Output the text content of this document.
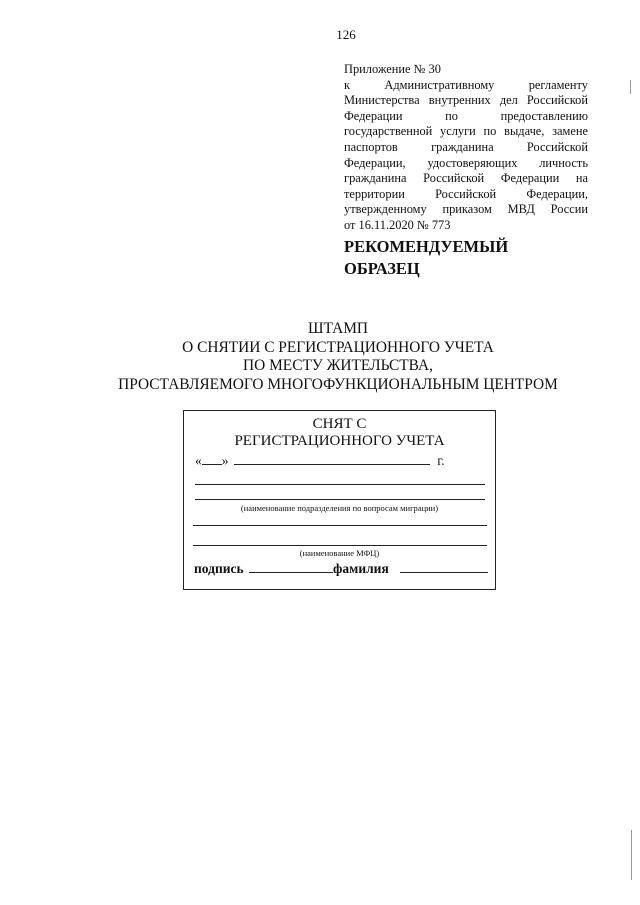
126
Приложение № 30
к Административному регламенту
Министерства внутренних дел Российской
Федерации по предоставлению
государственной услуги по выдаче, замене
паспортов гражданина Российской
Федерации, удостоверяющих личность
гражданина Российской Федерации на
территории Российской Федерации,
утвержденному приказом МВД России
от 16.11.2020 № 773
РЕКОМЕНДУЕМЫЙ
ОБРАЗЕЦ
ШТАМП
О СНЯТИИ С РЕГИСТРАЦИОННОГО УЧЕТА
ПО МЕСТУ ЖИТЕЛЬСТВА,
ПРОСТАВЛЯЕМОГО МНОГОФУНКЦИОНАЛЬНЫМ ЦЕНТРОМ
СНЯТ С
РЕГИСТРАЦИОННОГО УЧЕТА
« »	г.
(наименование подразделения по вопросам миграции)
(наименование МФЦ)
подпись	фамилия
